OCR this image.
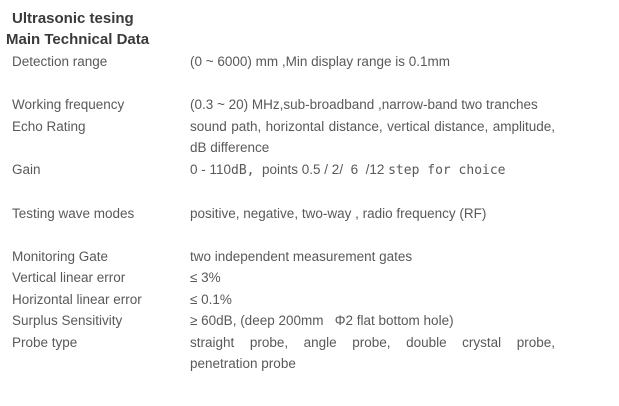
Ultrasonic tesing
Main Technical Data
Detection range	(0 ~ 6000) mm ,Min display range is 0.1mm
Working frequency	(0.3 ~ 20) MHz,sub-broadband ,narrow-band two tranches
Echo Rating	sound path, horizontal distance, vertical distance, amplitude, dB difference
Gain	0 - 110dB,  points 0.5 / 2/  6  /12 step for choice
Testing wave modes	positive, negative, two-way , radio frequency (RF)
Monitoring Gate	two independent measurement gates
Vertical linear error	≤ 3%
Horizontal linear error	≤ 0.1%
Surplus Sensitivity	≥ 60dB, (deep 200mm   Φ2 flat bottom hole)
Probe type	straight probe, angle probe, double crystal probe, penetration probe
